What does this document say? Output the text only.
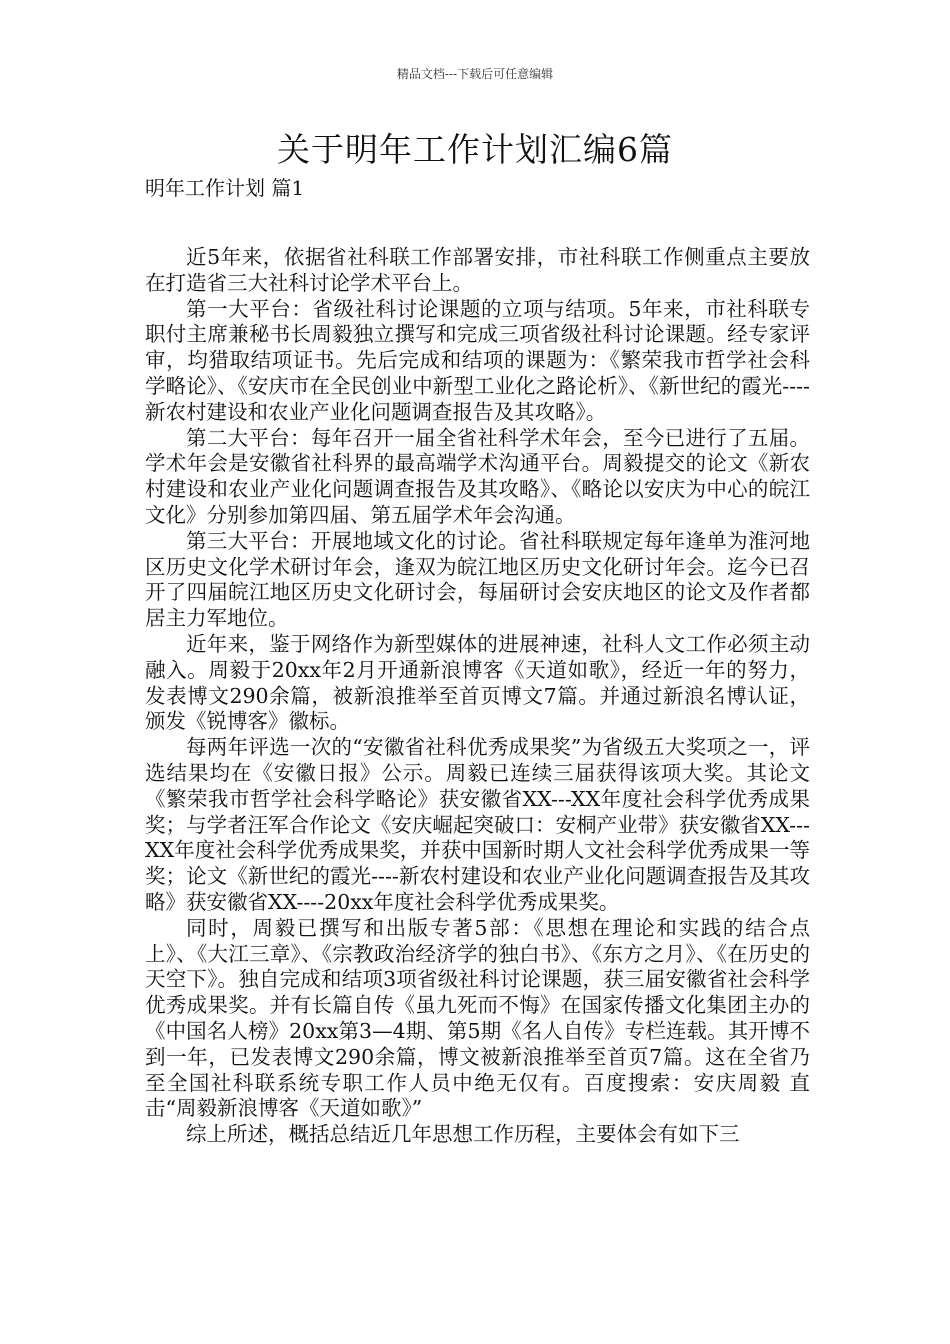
精品文档---下载后可任意编辑
关于明年工作计划汇编6篇
明年工作计划 篇1

近5年来，依据省社科联工作部署安排，市社科联工作侧重点主要放在打造省三大社科讨论学术平台上。

第一大平台：省级社科讨论课题的立项与结项。5年来，市社科联专职付主席兼秘书长周毅独立撰写和完成三项省级社科讨论课题。经专家评审，均猎取结项证书。先后完成和结项的课题为：《繁荣我市哲学社会科学略论》、《安庆市在全民创业中新型工业化之路论析》、《新世纪的霞光----新农村建设和农业产业化问题调查报告及其攻略》。

第二大平台：每年召开一届全省社科学术年会，至今已进行了五届。学术年会是安徽省社科界的最高端学术沟通平台。周毅提交的论文《新农村建设和农业产业化问题调查报告及其攻略》、《略论以安庆为中心的皖江文化》分别参加第四届、第五届学术年会沟通。

第三大平台：开展地域文化的讨论。省社科联规定每年逢单为淮河地区历史文化学术研讨年会，逢双为皖江地区历史文化研讨年会。迄今已召开了四届皖江地区历史文化研讨会，每届研讨会安庆地区的论文及作者都居主力军地位。

近年来，鉴于网络作为新型媒体的进展神速，社科人文工作必须主动融入。周毅于20xx年2月开通新浪博客《天道如歌》，经近一年的努力，发表博文290余篇，被新浪推举至首页博文7篇。并通过新浪名博认证，颁发《锐博客》徽标。

每两年评选一次的“安徽省社科优秀成果奖”为省级五大奖项之一，评选结果均在《安徽日报》公示。周毅已连续三届获得该项大奖。其论文《繁荣我市哲学社会科学略论》获安徽省XX---XX年度社会科学优秀成果奖；与学者汪军合作论文《安庆崛起突破口：安桐产业带》获安徽省XX---XX年度社会科学优秀成果奖，并获中国新时期人文社会科学优秀成果一等奖；论文《新世纪的霞光----新农村建设和农业产业化问题调查报告及其攻略》获安徽省XX----20xx年度社会科学优秀成果奖。

同时，周毅已撰写和出版专著5部：《思想在理论和实践的结合点上》、《大江三章》、《宗教政治经济学的独白书》、《东方之月》、《在历史的天空下》。独自完成和结项3项省级社科讨论课题，获三届安徽省社会科学优秀成果奖。并有长篇自传《虽九死而不悔》在国家传播文化集团主办的《中国名人榜》20xx第3—4期、第5期《名人自传》专栏连载。其开博不到一年，已发表博文290余篇，博文被新浪推举至首页7篇。这在全省乃至全国社科联系统专职工作人员中绝无仅有。百度搜索：安庆周毅 直击“周毅新浪博客《天道如歌》”

综上所述，概括总结近几年思想工作历程，主要体会有如下三
